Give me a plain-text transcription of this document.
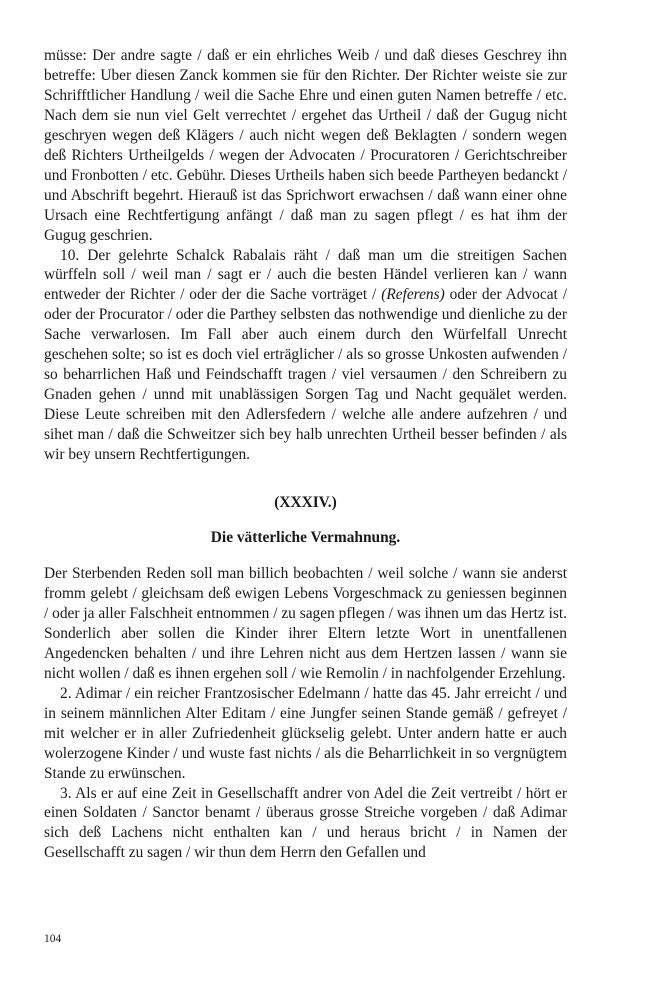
müsse: Der andre sagte / daß er ein ehrliches Weib / und daß dieses Geschrey ihn betreffe: Uber diesen Zanck kommen sie für den Richter. Der Richter weiste sie zur Schrifftlicher Handlung / weil die Sache Ehre und einen guten Namen betreffe / etc. Nach dem sie nun viel Gelt verrechtet / ergehet das Urtheil / daß der Gugug nicht geschryen wegen deß Klägers / auch nicht wegen deß Beklagten / sondern wegen deß Richters Urtheilgelds / wegen der Advocaten / Procuratoren / Gerichtschreiber und Fronbotten / etc. Gebühr. Dieses Urtheils haben sich beede Partheyen bedanckt / und Abschrift begehrt. Hierauß ist das Sprichwort erwachsen / daß wann einer ohne Ursach eine Rechtfertigung anfängt / daß man zu sagen pflegt / es hat ihm der Gugug geschrien.

10. Der gelehrte Schalck Rabalais räht / daß man um die streitigen Sachen würffeln soll / weil man / sagt er / auch die besten Händel verlieren kan / wann entweder der Richter / oder der die Sache vorträget / (Referens) oder der Advocat / oder der Procurator / oder die Parthey selbsten das nothwendige und dienliche zu der Sache verwarlosen. Im Fall aber auch einem durch den Würfelfall Unrecht geschehen solte; so ist es doch viel erträglicher / als so grosse Unkosten aufwenden / so beharrlichen Haß und Feindschafft tragen / viel versaumen / den Schreibern zu Gnaden gehen / unnd mit unablässigen Sorgen Tag und Nacht gequälet werden. Diese Leute schreiben mit den Adlersfedern / welche alle andere aufzehren / und sihet man / daß die Schweitzer sich bey halb unrechten Urtheil besser befinden / als wir bey unsern Rechtfertigungen.

(XXXIV.)
Die vätterliche Vermahnung.

Der Sterbenden Reden soll man billich beobachten / weil solche / wann sie anderst fromm gelebt / gleichsam deß ewigen Lebens Vorgeschmack zu geniessen beginnen / oder ja aller Falschheit entnommen / zu sagen pflegen / was ihnen um das Hertz ist. Sonderlich aber sollen die Kinder ihrer Eltern letzte Wort in unentfallenen Angedencken behalten / und ihre Lehren nicht aus dem Hertzen lassen / wann sie nicht wollen / daß es ihnen ergehen soll / wie Remolin / in nachfolgender Erzehlung.

2. Adimar / ein reicher Frantzosischer Edelmann / hatte das 45. Jahr erreicht / und in seinem männlichen Alter Editam / eine Jungfer seinen Stande gemäß / gefreyet / mit welcher er in aller Zufriedenheit glückselig gelebt. Unter andern hatte er auch wolerzogene Kinder / und wuste fast nichts / als die Beharrlichkeit in so vergnügtem Stande zu erwünschen.

3. Als er auf eine Zeit in Gesellschafft andrer von Adel die Zeit vertreibt / hört er einen Soldaten / Sanctor benamt / überaus grosse Streiche vorgeben / daß Adimar sich deß Lachens nicht enthalten kan / und heraus bricht / in Namen der Gesellschafft zu sagen / wir thun dem Herrn den Gefallen und

104
